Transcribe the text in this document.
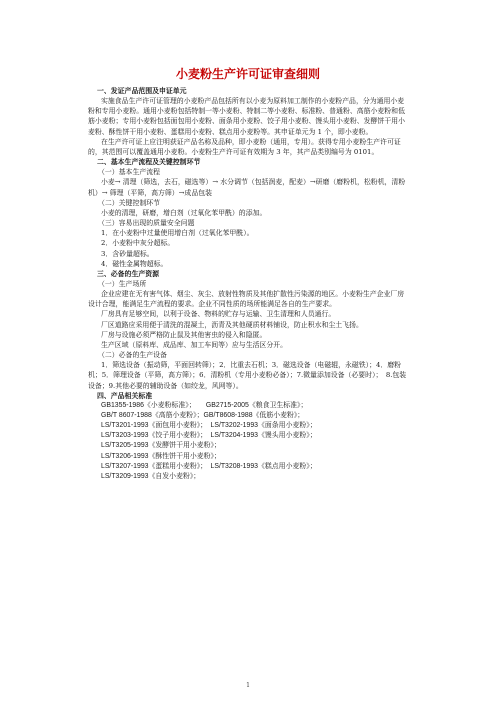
小麦粉生产许可证审查细则

一、发证产品范围及申证单元

实施食品生产许可证管理的小麦粉产品包括所有以小麦为原料加工制作的小麦粉产品，分为通用小麦粉和专用小麦粉。通用小麦粉包括特制一等小麦粉、特制二等小麦粉、标准粉、普通粉、高筋小麦粉和低筋小麦粉；专用小麦粉包括面包用小麦粉、面条用小麦粉、饺子用小麦粉、馒头用小麦粉、发酵饼干用小麦粉、酥性饼干用小麦粉、蛋糕用小麦粉、糕点用小麦粉等。其申证单元为 1 个，即小麦粉。

在生产许可证上应注明获证产品名称及品种，即小麦粉（通用，专用）。获得专用小麦粉生产许可证的，其范围可以覆盖通用小麦粉。小麦粉生产许可证有效期为 3 年，其产品类别编号为 0101。

二、基本生产流程及关键控制环节

（一）基本生产流程

小麦→ 清理（筛选，去石，磁选等）→ 水分调节（包括润麦，配麦）→研磨（磨粉机，松粉机，清粉机）→ 筛理（平筛，高方筛）→成品包装

（二）关键控制环节

小麦的清理，研磨，增白剂（过氧化苯甲酰）的添加。

（三）容易出现的质量安全问题

1．在小麦粉中过量使用增白剂（过氧化苯甲酰）。

2．小麦粉中灰分超标。

3．含砂量超标。

4．磁性金属物超标。

三、必备的生产资源

（一）生产场所

企业应建在无有害气体、烟尘、灰尘、放射性物质及其他扩散性污染源的地区。小麦粉生产企业厂房设计合理，能满足生产流程的要求。企业不同性质的场所能满足各自的生产要求。

厂房具有足够空间，以利于设备、物料的贮存与运输、卫生清理和人员通行。

厂区道路应采用便于清洗的混凝土，沥青及其他硬质材料铺设，防止积水和尘土飞扬。

厂房与设施必须严格防止鼠及其他害虫的侵入和隐匿。

生产区域（原料库、成品库、加工车间等）应与生活区分开。

（二）必备的生产设备

1．筛选设备（振动筛，平面回转筛）；2．比重去石机；3．磁选设备（电磁辊，永磁铁）；4．磨粉机；5．筛理设备（平筛，高方筛）；6．清粉机（专用小麦粉必备）；7.微量添加设备（必要时）；　8.包装设备；9.其他必要的辅助设备（如绞龙，风网等）。

四、产品相关标准

GB1355-1986《小麦粉标准》；　　GB2715-2005《粮食卫生标准》；

GB/T 8607-1988《高筋小麦粉》；GB/T8608-1988《低筋小麦粉》；

LS/T3201-1993《面包用小麦粉》；　LS/T3202-1993《面条用小麦粉》；

LS/T3203-1993《饺子用小麦粉》；　LS/T3204-1993《馒头用小麦粉》；

LS/T3205-1993《发酵饼干用小麦粉》；

LS/T3206-1993《酥性饼干用小麦粉》；

LS/T3207-1993《蛋糕用小麦粉》；　LS/T3208-1993《糕点用小麦粉》；

LS/T3209-1993《自发小麦粉》；

1
